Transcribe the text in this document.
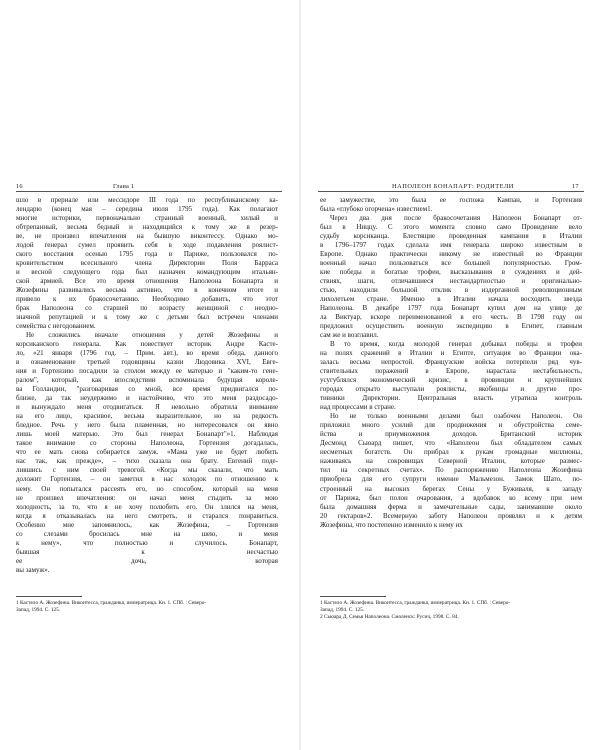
16	Глава 1

шло в прериале или мессидоре III года по республиканскому ка-

лендарю (конец мая – середина июля 1795 года). Как полагают

многие историки, первоначально странный военный, хилый и

обтрепанный, весьма бедный и находящийся к тому же в резер-

ве, не произвел впечатления на бывшую виконтессу. Однако мо-

лодой генерал сумел проявить себя в ходе подавления роялист-

ского восстания осенью 1795 года в Париже, пользовался по-

кровительством всесильного члена Директории Поля Барраса

и весной следующего года был назначен командующим итальян-

ской армией. Все это время отношения Наполеона Бонапарта и

Жозефины развивались весьма активно, что в конечном итоге и

привело к их бракосочетанию. Необходимо добавить, что этот

брак Наполеона со старшей по возрасту женщиной с неодно-

значной репутацией и к тому же с детьми был встречен членами

семейства с негодованием.

Не сложились вначале отношения у детей Жозефины и

корсиканского генерала. Как повествует историк Андре Касте-

ло, «21 января (1796 год. – Прим. авт.), во время обеда, данного

в ознаменование третьей годовщины казни Людовика XVI, Евге-

ния и Гортензию посадили за столом между ее матерью и "каким-то генe-

ралом", который, как впоследствии вспоминала будущая короле-

ва Голландии, "разговаривая со мной, все время придвигался по-

ближе, да так неудержимо и настойчиво, что это меня раздосадо-

и вынуждало меня отодвигаться. Я невольно обратила внимание

на его лицо, красивое, весьма выразительное, но на редкость

бледное. Речь у него была пламенная, но интересовался он явно

лишь моей матерью. Это был генерал Бонапарт"»1. Наблюдая

такое внимание со стороны Наполеона, Гортензия догадалась,

что ее мать снова собирается замуж. «Мама уже не будет любить

нас так, как прежде», – тихо сказала она брату. Евгений поде-

лившись с ним своей тревогой. «Когда мы сказали, что мать

доложит Гортензия, – он заметил в нас холодок по отношению к

нему. Он попытался рассеять его, но способом, который на меня

не произвел впечатления: он начал меня стыдить за мою

холодность, за то, что я не хочу полюбить его. Он злился на меня,

когда я отказывалась на него смотреть, и старался понравиться.

Особенно мне запомнилось, как Жозефина, – Гортензия

со слезами бросилась мне на шею, и меня

к нему», что полностью и случилось. Бонапарт,

бывшая к несчастью

ее дочь, которая

вы замуж».

1 Кастело А. Жозефина. Виконтесса, гражданка, императрица. Кн. 1. СПб. : Северо-

Запад, 1994. С. 125.

НАПОЛЕОН БОНАПАРТ: РОДИТЕЛИ	17

ее замужестве, это была ее госпожа Кампан, и Гортензия

была «глубоко огорчена» известием1.

Через два дня после бракосочетания Наполеон Бонапарт от-

был в Ниццу. С этого момента словно само Провидение вело

судьбу корсиканца. Блестящие проведенная кампания в Италии

в 1796–1797 годах сделала имя генерала широко известным в

Европе. Однако практически никому не известный во Франции

военный начал пользоваться все большей популярностью. Гром-

кие победы и богатые трофеи, высказывания в суждениях и дей-

ствиях, шаги, отличавшиеся нестандартностью и оригинально-

стью, находили большой отклик в издерганной революционным

лихолетьем стране. Именно в Италии начала восходить звезда

Наполеона. В декабре 1797 года Бонапарт купил дом на улице де

ла Виктуар, вскоре переименованной в его честь. В 1798 году он

предложил осуществить военную экспедицию в Египет, главным

сам же и возглавил.

В то время, когда молодой генерал добывал победы и трофеи

на полях сражений в Италии и Египте, ситуация во Франции ока-

залась весьма непростой. Французские войска потерпели ряд чув-

ствительных поражений в Европе, нарастала нестабильность,

усугублялся экономический кризис, в провинции и крупнейших

городах открыто выступали роялисты, якобинцы и другие про-

тивники Директории. Центральная власть утратила контроль

над процессами в стране.

Но не только военными делами был озабочен Наполеон. Он

приложил много усилий для продвижения и обустройства семе-

йства и приумножения доходов. Британский историк

Десмонд Сьюард пишет, что «Наполеон был обладателем самых

несметных богатств. Он прибрал к рукам громадные миллионы,

наживаясь на сокровищах Северной Италии, которые размес-

тил на секретных счетах». По распоряжению Наполеона Жозефина

приобрела для его супруги имение Мальмезон. Замок Шато, по-

строенный на высоких берегах Сены у Буживаля, к западу

от Парижа, был полон очарования, а вдобавок ко всему при нем

была домашняя ферма и замечательные сады, занимавшие около

20 гектаров»2. Всемерную заботу Наполеон проявлял и к детям

Жозефины, что постепенно изменило к нему их

1 Кастело А. Жозефина. Виконтесса, гражданка, императрица. Кн. 1. СПб. : Северо-

Запад, 1994. С. 125.

2 Сьюард Д. Семья Наполеона. Смоленск: Русич, 1998. С. 84.
